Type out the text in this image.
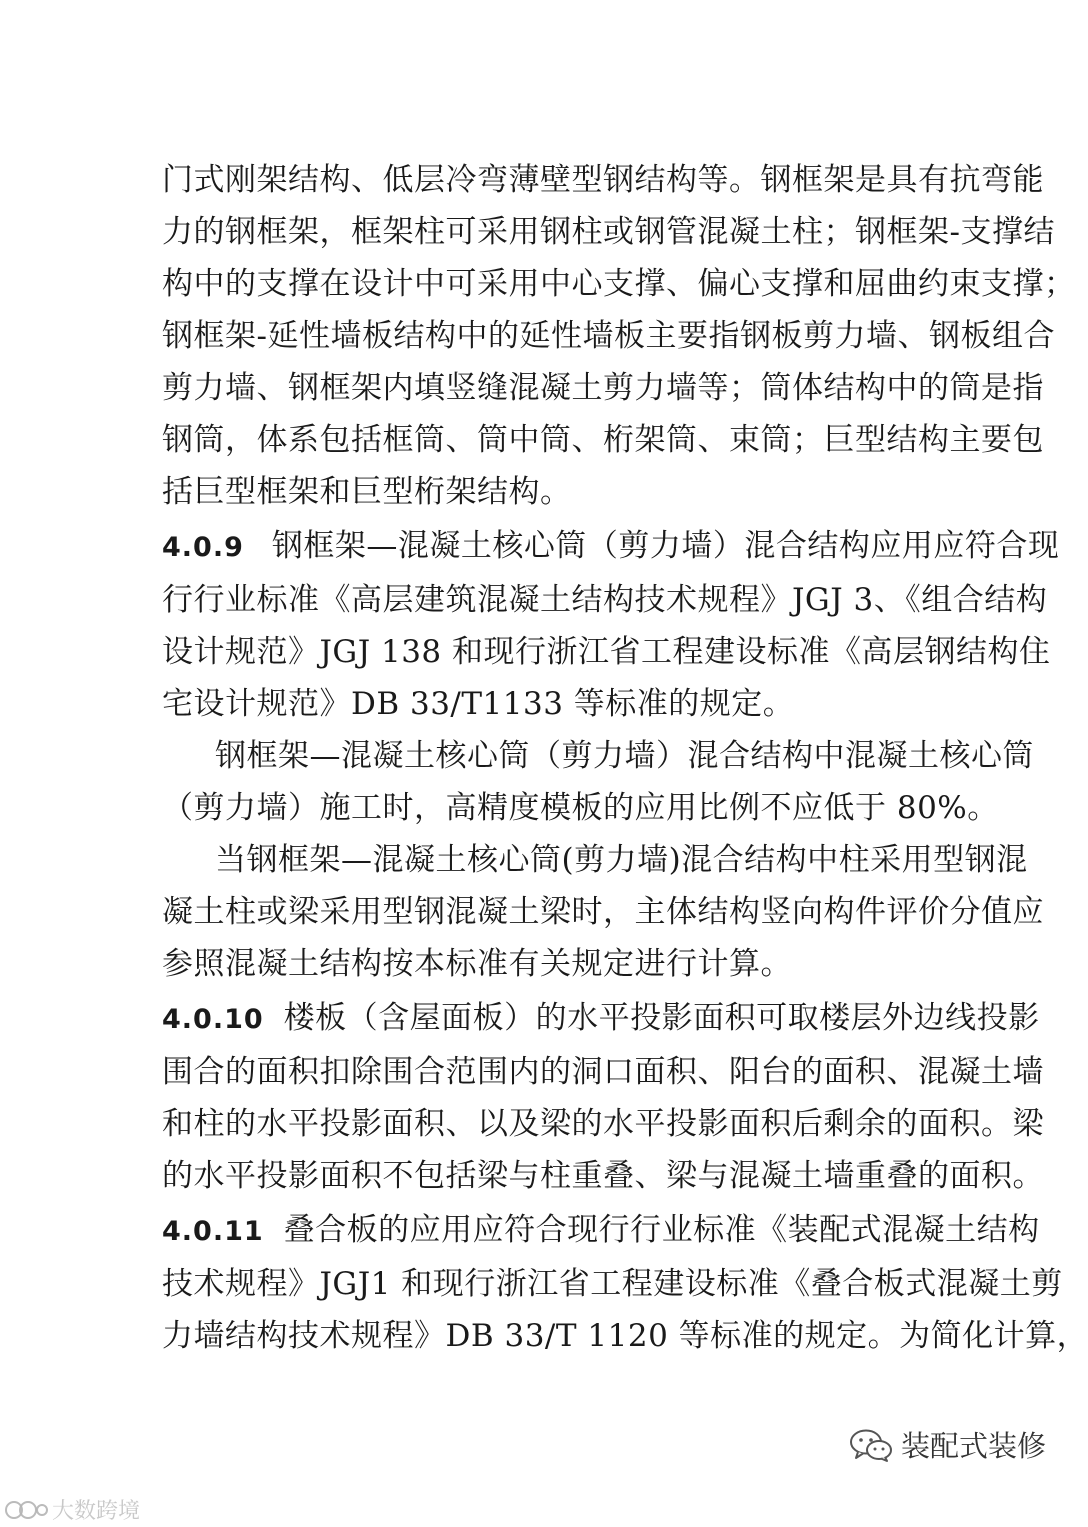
门式刚架结构、低层冷弯薄壁型钢结构等。钢框架是具有抗弯能
力的钢框架，框架柱可采用钢柱或钢管混凝土柱；钢框架-支撑结
构中的支撑在设计中可采用中心支撑、偏心支撑和屈曲约束支撑；
钢框架-延性墙板结构中的延性墙板主要指钢板剪力墙、钢板组合
剪力墙、钢框架内填竖缝混凝土剪力墙等；筒体结构中的筒是指
钢筒，体系包括框筒、筒中筒、桁架筒、束筒；巨型结构主要包
括巨型框架和巨型桁架结构。
4.0.9 钢框架—混凝土核心筒（剪力墙）混合结构应用应符合现
行行业标准《高层建筑混凝土结构技术规程》JGJ 3、《组合结构
设计规范》JGJ 138 和现行浙江省工程建设标准《高层钢结构住
宅设计规范》DB 33/T1133 等标准的规定。
钢框架—混凝土核心筒（剪力墙）混合结构中混凝土核心筒
（剪力墙）施工时，高精度模板的应用比例不应低于 80%。
当钢框架—混凝土核心筒(剪力墙)混合结构中柱采用型钢混
凝土柱或梁采用型钢混凝土梁时，主体结构竖向构件评价分值应
参照混凝土结构按本标准有关规定进行计算。
4.0.10 楼板（含屋面板）的水平投影面积可取楼层外边线投影
围合的面积扣除围合范围内的洞口面积、阳台的面积、混凝土墙
和柱的水平投影面积、以及梁的水平投影面积后剩余的面积。梁
的水平投影面积不包括梁与柱重叠、梁与混凝土墙重叠的面积。
4.0.11 叠合板的应用应符合现行行业标准《装配式混凝土结构
技术规程》JGJ1 和现行浙江省工程建设标准《叠合板式混凝土剪
力墙结构技术规程》DB 33/T 1120 等标准的规定。为简化计算，
装配式装修
大数跨境
